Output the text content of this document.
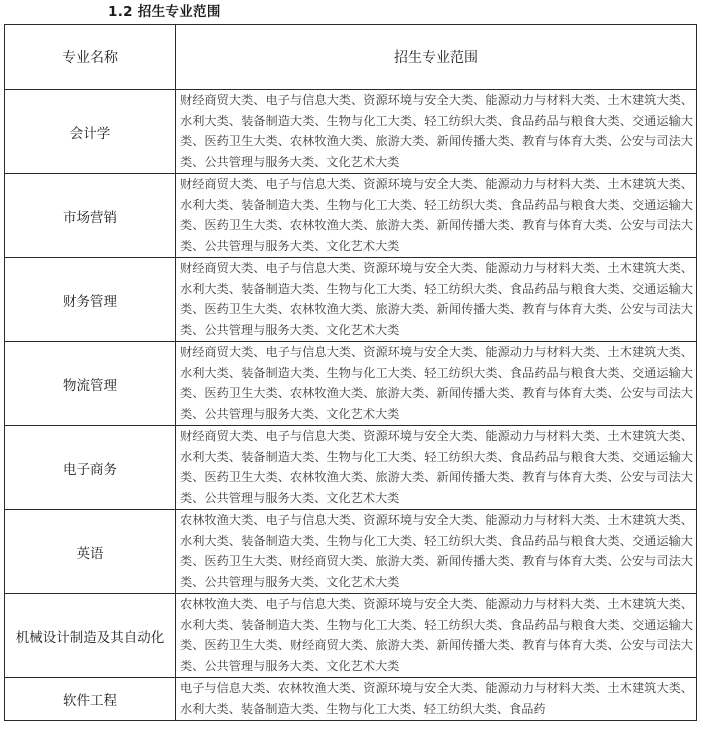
1.2 招生专业范围
专业名称	招生专业范围
会计学	财经商贸大类、电子与信息大类、资源环境与安全大类、能源动力与材料大类、土木建筑大类、水利大类、装备制造大类、生物与化工大类、轻工纺织大类、食品药品与粮食大类、交通运输大类、医药卫生大类、农林牧渔大类、旅游大类、新闻传播大类、教育与体育大类、公安与司法大类、公共管理与服务大类、文化艺术大类
市场营销	财经商贸大类、电子与信息大类、资源环境与安全大类、能源动力与材料大类、土木建筑大类、水利大类、装备制造大类、生物与化工大类、轻工纺织大类、食品药品与粮食大类、交通运输大类、医药卫生大类、农林牧渔大类、旅游大类、新闻传播大类、教育与体育大类、公安与司法大类、公共管理与服务大类、文化艺术大类
财务管理	财经商贸大类、电子与信息大类、资源环境与安全大类、能源动力与材料大类、土木建筑大类、水利大类、装备制造大类、生物与化工大类、轻工纺织大类、食品药品与粮食大类、交通运输大类、医药卫生大类、农林牧渔大类、旅游大类、新闻传播大类、教育与体育大类、公安与司法大类、公共管理与服务大类、文化艺术大类
物流管理	财经商贸大类、电子与信息大类、资源环境与安全大类、能源动力与材料大类、土木建筑大类、水利大类、装备制造大类、生物与化工大类、轻工纺织大类、食品药品与粮食大类、交通运输大类、医药卫生大类、农林牧渔大类、旅游大类、新闻传播大类、教育与体育大类、公安与司法大类、公共管理与服务大类、文化艺术大类
电子商务	财经商贸大类、电子与信息大类、资源环境与安全大类、能源动力与材料大类、土木建筑大类、水利大类、装备制造大类、生物与化工大类、轻工纺织大类、食品药品与粮食大类、交通运输大类、医药卫生大类、农林牧渔大类、旅游大类、新闻传播大类、教育与体育大类、公安与司法大类、公共管理与服务大类、文化艺术大类
英语	农林牧渔大类、电子与信息大类、资源环境与安全大类、能源动力与材料大类、土木建筑大类、水利大类、装备制造大类、生物与化工大类、轻工纺织大类、食品药品与粮食大类、交通运输大类、医药卫生大类、财经商贸大类、旅游大类、新闻传播大类、教育与体育大类、公安与司法大类、公共管理与服务大类、文化艺术大类
机械设计制造及其自动化	农林牧渔大类、电子与信息大类、资源环境与安全大类、能源动力与材料大类、土木建筑大类、水利大类、装备制造大类、生物与化工大类、轻工纺织大类、食品药品与粮食大类、交通运输大类、医药卫生大类、财经商贸大类、旅游大类、新闻传播大类、教育与体育大类、公安与司法大类、公共管理与服务大类、文化艺术大类
软件工程	电子与信息大类、农林牧渔大类、资源环境与安全大类、能源动力与材料大类、土木建筑大类、水利大类、装备制造大类、生物与化工大类、轻工纺织大类、食品药
